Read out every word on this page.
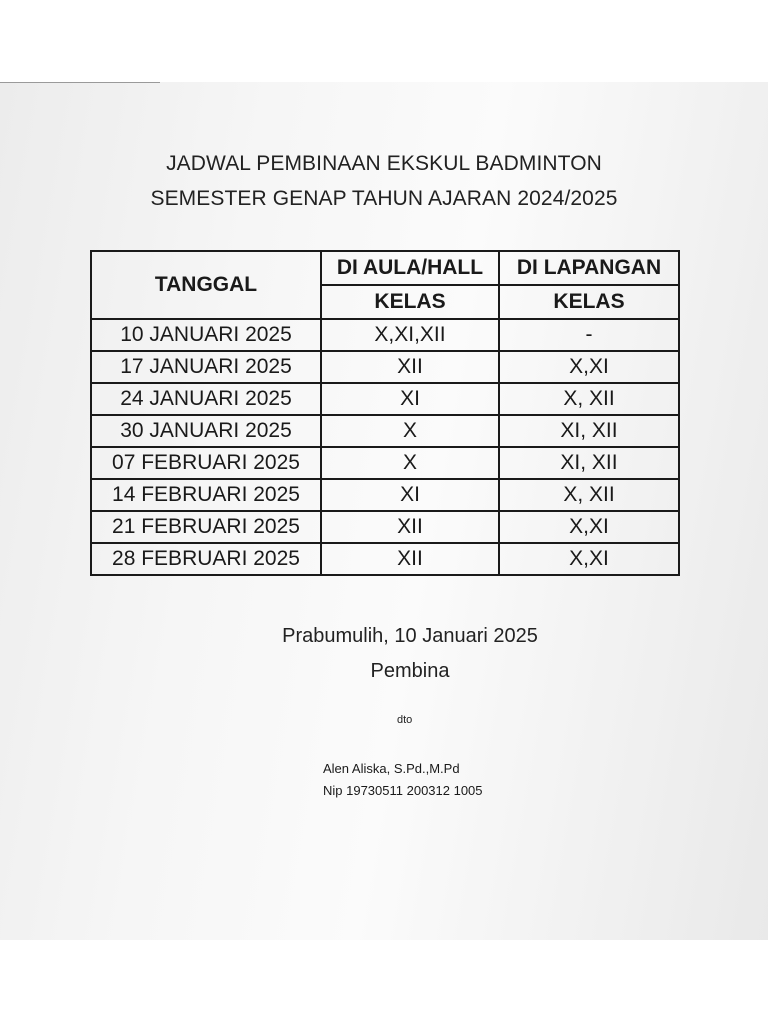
JADWAL PEMBINAAN EKSKUL BADMINTON
SEMESTER GENAP TAHUN AJARAN 2024/2025
TANGGAL	DI AULA/HALL	DI LAPANGAN
	KELAS	KELAS
10 JANUARI 2025	X,XI,XII	-
17 JANUARI 2025	XII	X,XI
24 JANUARI 2025	XI	X, XII
30 JANUARI 2025	X	XI, XII
07 FEBRUARI 2025	X	XI, XII
14 FEBRUARI 2025	XI	X, XII
21 FEBRUARI 2025	XII	X,XI
28 FEBRUARI 2025	XII	X,XI
Prabumulih, 10 Januari 2025
Pembina
dto
Alen Aliska, S.Pd.,M.Pd
Nip 19730511 200312 1005
